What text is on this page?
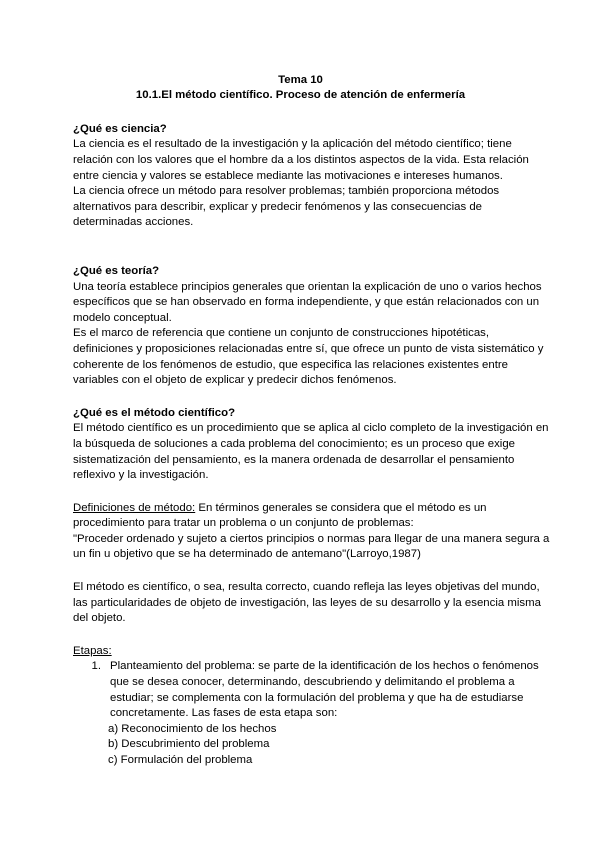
Tema 10

10.1.El método científico. Proceso de atención de enfermería

¿Qué es ciencia?

La ciencia es el resultado de la investigación y la aplicación del método científico; tiene relación con los valores que el hombre da a los distintos aspectos de la vida. Esta relación entre ciencia y valores se establece mediante las motivaciones e intereses humanos.

La ciencia ofrece un método para resolver problemas; también proporciona métodos alternativos para describir, explicar y predecir fenómenos y las consecuencias de determinadas acciones.

¿Qué es teoría?

Una teoría establece principios generales que orientan la explicación de uno o varios hechos específicos que se han observado en forma independiente, y que están relacionados con un modelo conceptual.

Es el marco de referencia que contiene un conjunto de construcciones hipotéticas, definiciones y proposiciones relacionadas entre sí, que ofrece un punto de vista sistemático y coherente de los fenómenos de estudio, que especifica las relaciones existentes entre variables con el objeto de explicar y predecir dichos fenómenos.

¿Qué es el método científico?

El método científico es un procedimiento que se aplica al ciclo completo de la investigación en la búsqueda de soluciones a cada problema del conocimiento; es un proceso que exige sistematización del pensamiento, es la manera ordenada de desarrollar el pensamiento reflexivo y la investigación.

Definiciones de método: En términos generales se considera que el método es un procedimiento para tratar un problema o un conjunto de problemas:

"Proceder ordenado y sujeto a ciertos principios o normas para llegar de una manera segura a un fin u objetivo que se ha determinado de antemano"(Larroyo,1987)

El método es científico, o sea, resulta correcto, cuando refleja las leyes objetivas del mundo, las particularidades de objeto de investigación, las leyes de su desarrollo y la esencia misma del objeto.

Etapas:

1. Planteamiento del problema: se parte de la identificación de los hechos o fenómenos que se desea conocer, determinando, descubriendo y delimitando el problema a estudiar; se complementa con la formulación del problema y que ha de estudiarse concretamente. Las fases de esta etapa son:
a) Reconocimiento de los hechos
b) Descubrimiento del problema
c) Formulación del problema
